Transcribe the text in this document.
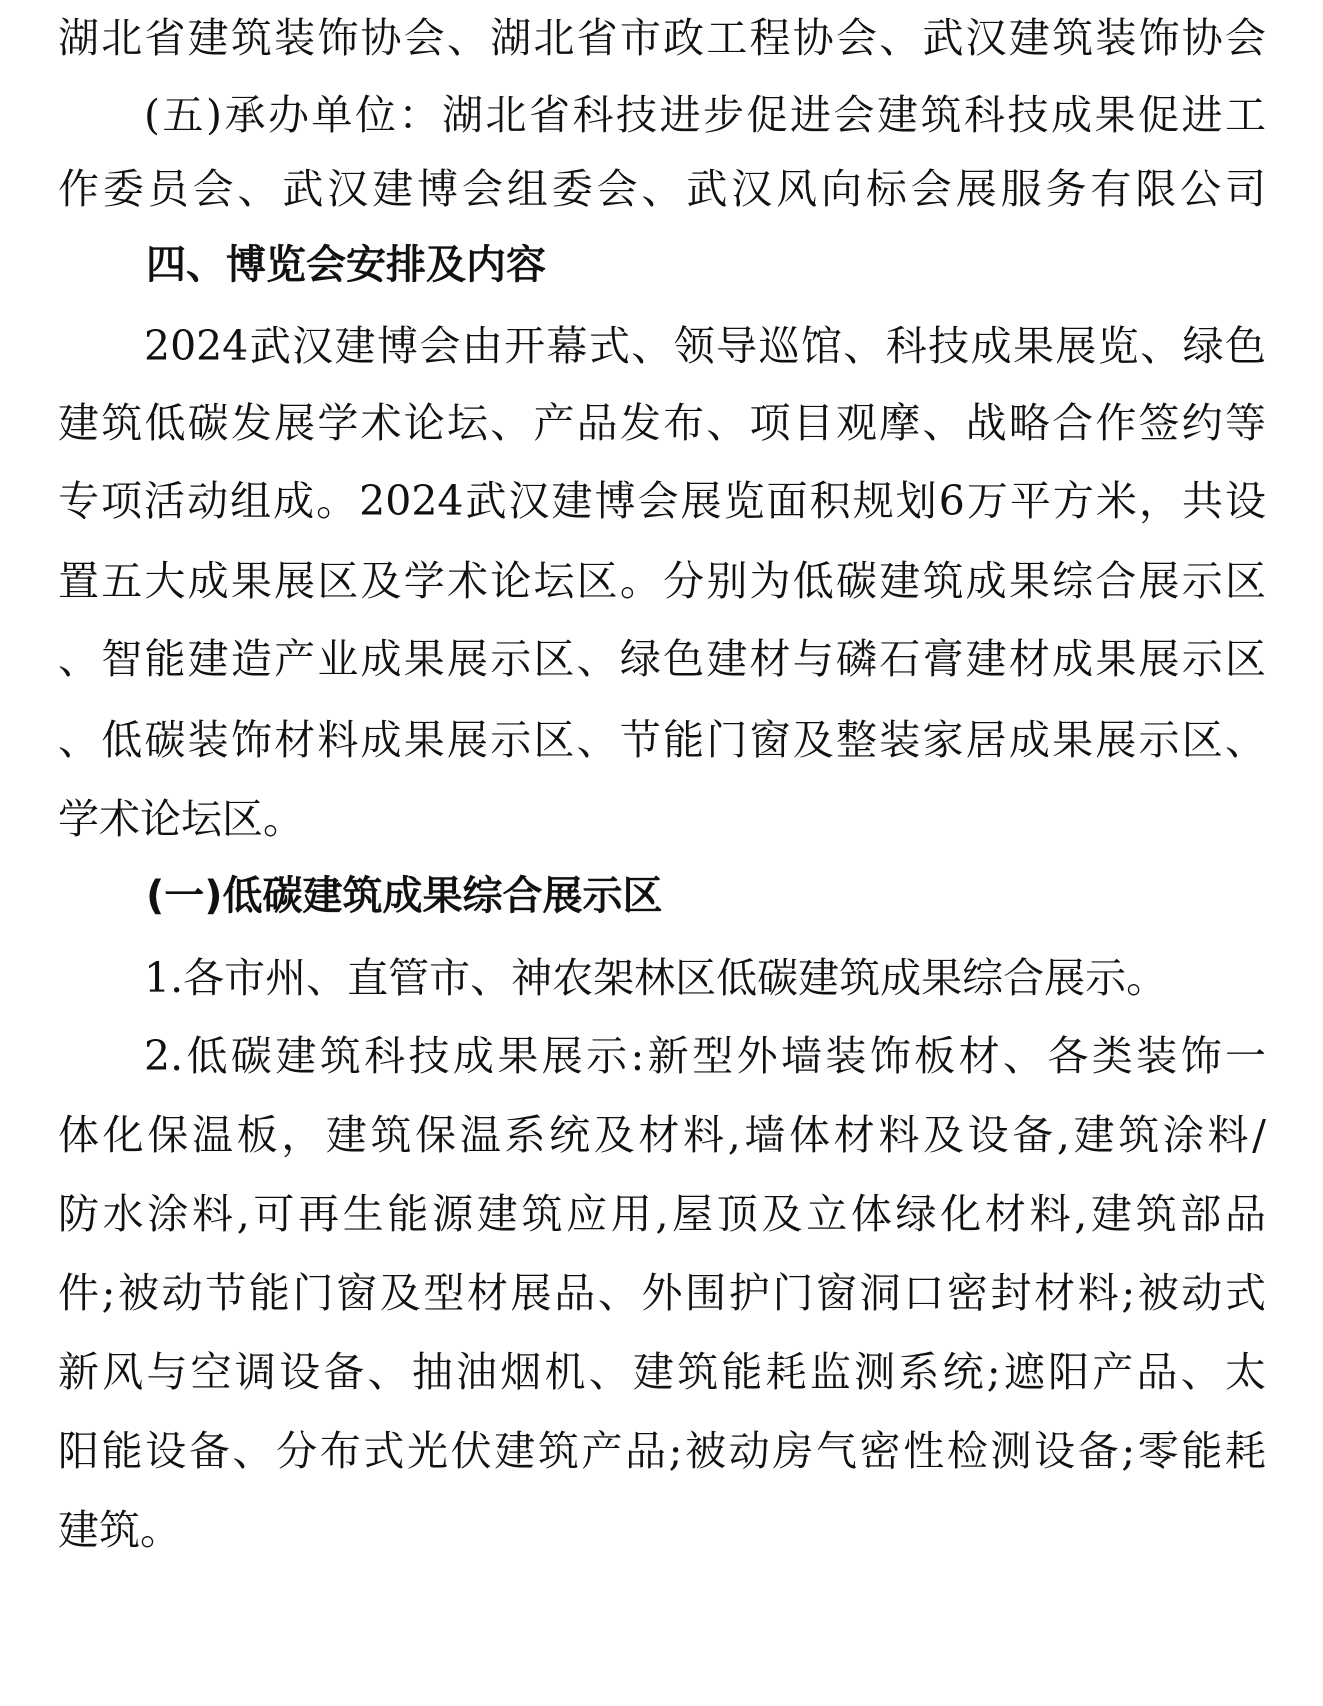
湖北省建筑装饰协会、湖北省市政工程协会、武汉建筑装饰协会
(五)承办单位：湖北省科技进步促进会建筑科技成果促进工
作委员会、武汉建博会组委会、武汉风向标会展服务有限公司
四、博览会安排及内容
2024武汉建博会由开幕式、领导巡馆、科技成果展览、绿色
建筑低碳发展学术论坛、产品发布、项目观摩、战略合作签约等
专项活动组成。2024武汉建博会展览面积规划6万平方米，共设
置五大成果展区及学术论坛区。分别为低碳建筑成果综合展示区
、智能建造产业成果展示区、绿色建材与磷石膏建材成果展示区
、低碳装饰材料成果展示区、节能门窗及整装家居成果展示区、
学术论坛区。
(一)低碳建筑成果综合展示区
1.各市州、直管市、神农架林区低碳建筑成果综合展示。
2.低碳建筑科技成果展示:新型外墙装饰板材、各类装饰一
体化保温板，建筑保温系统及材料,墙体材料及设备,建筑涂料/
防水涂料,可再生能源建筑应用,屋顶及立体绿化材料,建筑部品
件;被动节能门窗及型材展品、外围护门窗洞口密封材料;被动式
新风与空调设备、抽油烟机、建筑能耗监测系统;遮阳产品、太
阳能设备、分布式光伏建筑产品;被动房气密性检测设备;零能耗
建筑。
